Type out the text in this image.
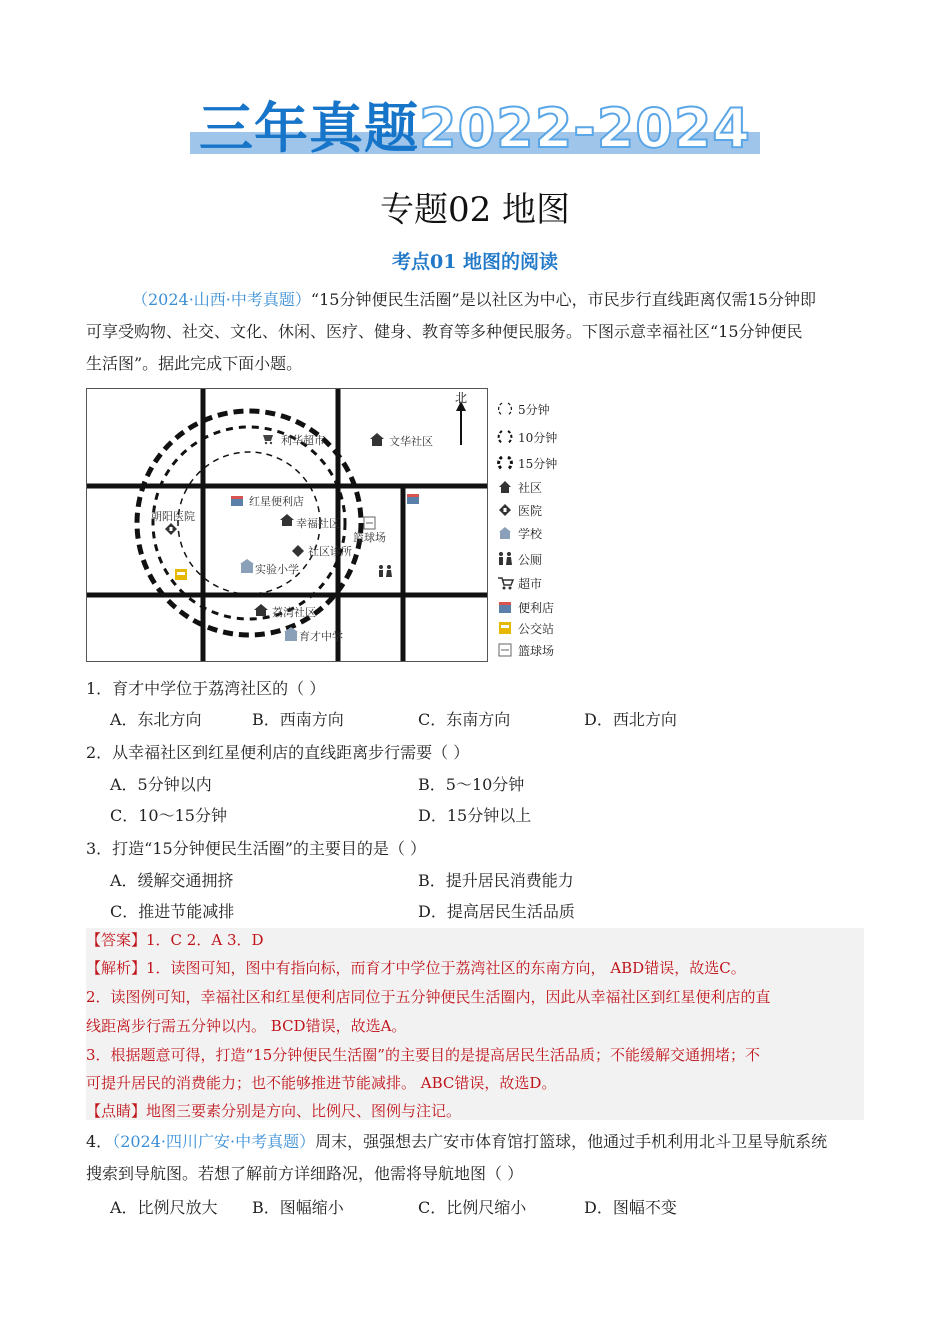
三年真题2022-2024
专题02 地图
考点01 地图的阅读
（2024·山西·中考真题）“15分钟便民生活圈”是以社区为中心，市民步行直线距离仅需15分钟即
可享受购物、社交、文化、休闲、医疗、健身、教育等多种便民服务。下图示意幸福社区“15分钟便民
生活图”。据此完成下面小题。
北
利华超市	文华社区
红星便利店
朝阳医院
幸福社区
篮球场
社区诊所
实验小学
荔湾社区
育才中学
5分钟
10分钟
15分钟
社区
医院
学校
公厕
超市
便利店
公交站
篮球场
1．育才中学位于荔湾社区的（ ）
A．东北方向	B．西南方向	C．东南方向	D．西北方向
2．从幸福社区到红星便利店的直线距离步行需要（ ）
A．5分钟以内	B．5～10分钟
C．10～15分钟	D．15分钟以上
3．打造“15分钟便民生活圈”的主要目的是（ ）
A．缓解交通拥挤	B．提升居民消费能力
C．推进节能减排	D．提高居民生活品质
【答案】1．C 2．A 3．D
【解析】1．读图可知，图中有指向标，而育才中学位于荔湾社区的东南方向， ABD错误，故选C。
2．读图例可知，幸福社区和红星便利店同位于五分钟便民生活圈内，因此从幸福社区到红星便利店的直
线距离步行需五分钟以内。 BCD错误，故选A。
3．根据题意可得，打造“15分钟便民生活圈”的主要目的是提高居民生活品质；不能缓解交通拥堵；不
可提升居民的消费能力；也不能够推进节能减排。 ABC错误，故选D。
【点睛】地图三要素分别是方向、比例尺、图例与注记。
4．（2024·四川广安·中考真题）周末，强强想去广安市体育馆打篮球，他通过手机利用北斗卫星导航系统
搜索到导航图。若想了解前方详细路况，他需将导航地图（ ）
A．比例尺放大 B．图幅缩小	C．比例尺缩小	D．图幅不变
